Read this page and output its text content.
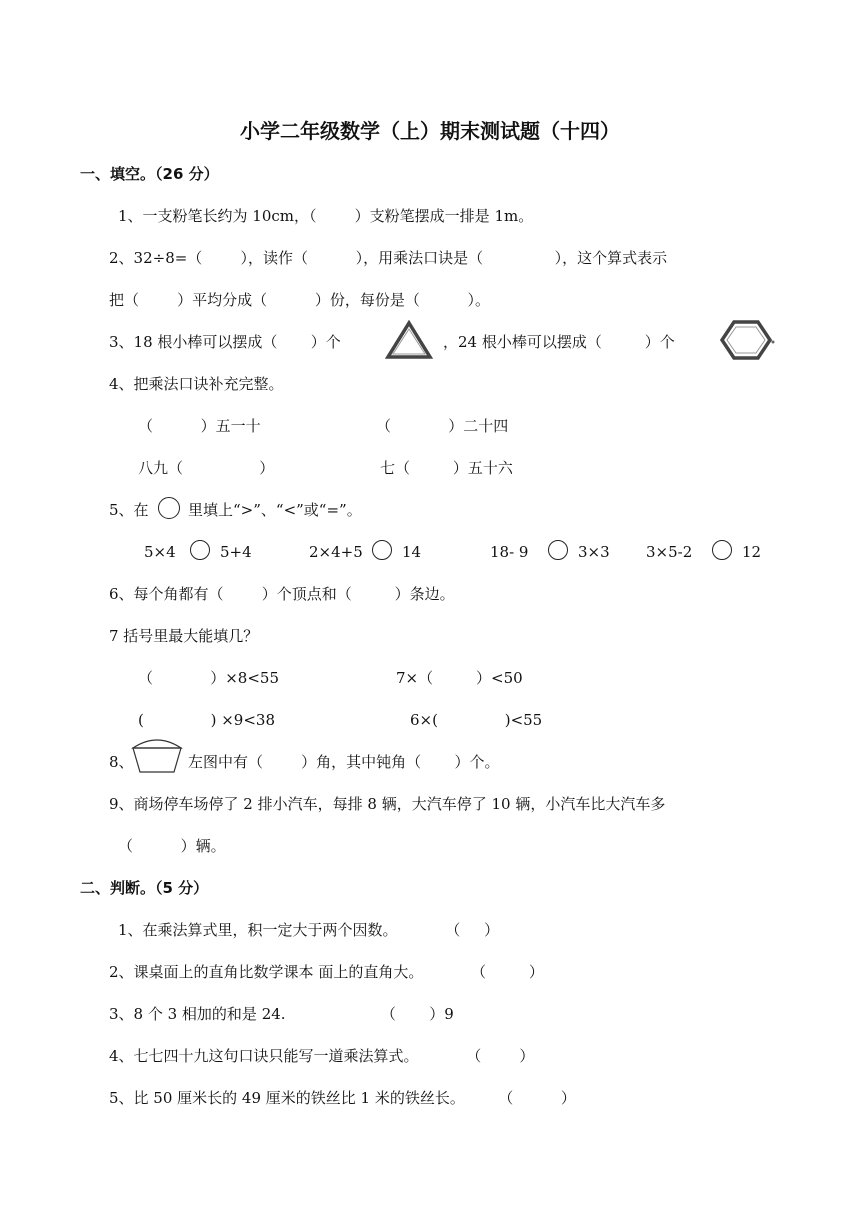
小学二年级数学（上）期末测试题（十四）
一、填空。（26 分）
1、一支粉笔长约为 10cm，（        ）支粉笔摆成一排是 1m。
2、32÷8=（        ），读作（          ），用乘法口诀是（               ），这个算式表示
把（        ）平均分成（          ）份，每份是（          ）。
3、18 根小棒可以摆成（       ）个	，24 根小棒可以摆成（         ）个
4、把乘法口诀补充完整。
（          ）五一十	（            ）二十四
八九（                ）	七（         ）五十六
5、在	里填上“>”、“<”或“=”。
5×4	5+4	2×4+5	14	18- 9	3×3 3×5-2	12
6、每个角都有（        ）个顶点和（         ）条边。
7 括号里最大能填几？
（            ）×8<55	7×（         ）<50
(              ) ×9<38	6×(              )<55
8、	左图中有（        ）角，其中钝角（       ）个。
9、商场停车场停了 2 排小汽车，每排 8 辆，大汽车停了 10 辆，小汽车比大汽车多
（          ）辆。
二、判断。（5 分）
1、在乘法算式里，积一定大于两个因数。          （     ）
2、课桌面上的直角比数学课本 面上的直角大。          （         ）
3、8 个 3 相加的和是 24.                    （       ）9
4、七七四十九这句口诀只能写一道乘法算式。          （        ）
5、比 50 厘米长的 49 厘米的铁丝比 1 米的铁丝长。       （          ）
